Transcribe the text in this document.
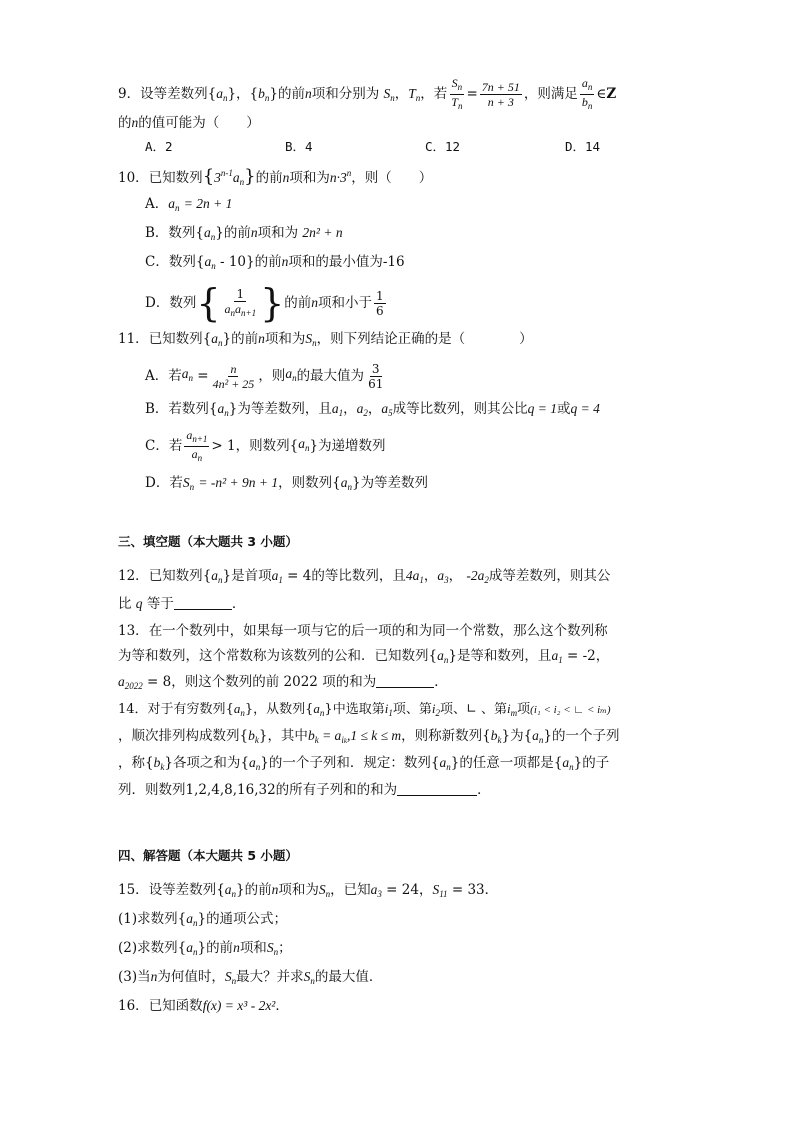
9．设等差数列$\{a_n\}$，$\{b_n\}$的前n项和分别为 $S_n$，$T_n$，若 $\frac{S_n}{T_n} = \frac{7n + 51}{n + 3}$ ，则满足 $\frac{a_n}{b_n}$ ∈Z
的n的值可能为（　　）
A．2	B．4	C．12	D．14
10．已知数列$\{3^{n-1}a_n\}$的前n项和为$n\cdot 3^n$，则（　　）
A．$a_n = 2n + 1$
B．数列$\{a_n\}$的前n项和为 2n² + n
C．数列$\{a_n - 10\}$的前n项和的最小值为-16
D．数列 { $\frac{1}{a_na_{n+1}}$ } 的前 n 项和小于 $\frac{1}{6}$
11．已知数列$\{a_n\}$的前n项和为$S_n$，则下列结论正确的是（　　　　）
A．若 $a_n$
= $\frac{n}{\text{4n² + 25}}$ ，则 $a_n$ 的最大值为 $\frac{3}{61}$
B．若数列$\{a_n\}$为等差数列，且$a_1$，$a_2$，$a_5$成等比数列，则其公比q = 1或q = 4
C．若 $\frac{a_{n+1}}{a_n} > 1$ ，则数列 { $a_n$ } 为递增数列
D．若$S_n = -n^2 + 9n + 1$，则数列$\{a_n\}$为等差数列
三、填空题（本大题共 3 小题）
12．已知数列$\{a_n\}$是首项$a_1 = 4$的等比数列，且$4a_1$，$a_3$， $-2a_2$成等差数列，则其公
比 q 等于	．
13．在一个数列中，如果每一项与它的后一项的和为同一个常数，那么这个数列称
为等和数列，这个常数称为该数列的公和．已知数列$\{a_n\}$是等和数列，且$a_1 = -2$，
$a_{2022} = 8$，则这个数列的前 2022 项的和为	．
14．对于有穷数列$\{a_n\}$，从数列$\{a_n\}$中选取第$i_1$项、第$i_2$项、∟ 、第$i_m$项(i₁ < i₂ < ∟ < iₘ)
，顺次排列构成数列$\{b_k\}$，其中$b_k = a_{ik},1 \le k \le m$，则称新数列$\{b_k\}$为$\{a_n\}$的一个子列
，称$\{b_k\}$各项之和为$\{a_n\}$的一个子列和．规定：数列$\{a_n\}$的任意一项都是$\{a_n\}$的子
列．则数列1,2,4,8,16,32的所有子列和的和为	．
四、解答题（本大题共 5 小题）
15．设等差数列$\{a_n\}$的前n项和为$S_n$，已知$a_3 = 24$，$S_{11} = 33$．
(1)求数列$\{a_n\}$的通项公式；
(2)求数列$\{a_n\}$的前n项和$S_n$；
(3)当n为何值时，$S_n$最大？并求$S_n$的最大值．
16．已知函数f(x) = x³ - 2x²．
